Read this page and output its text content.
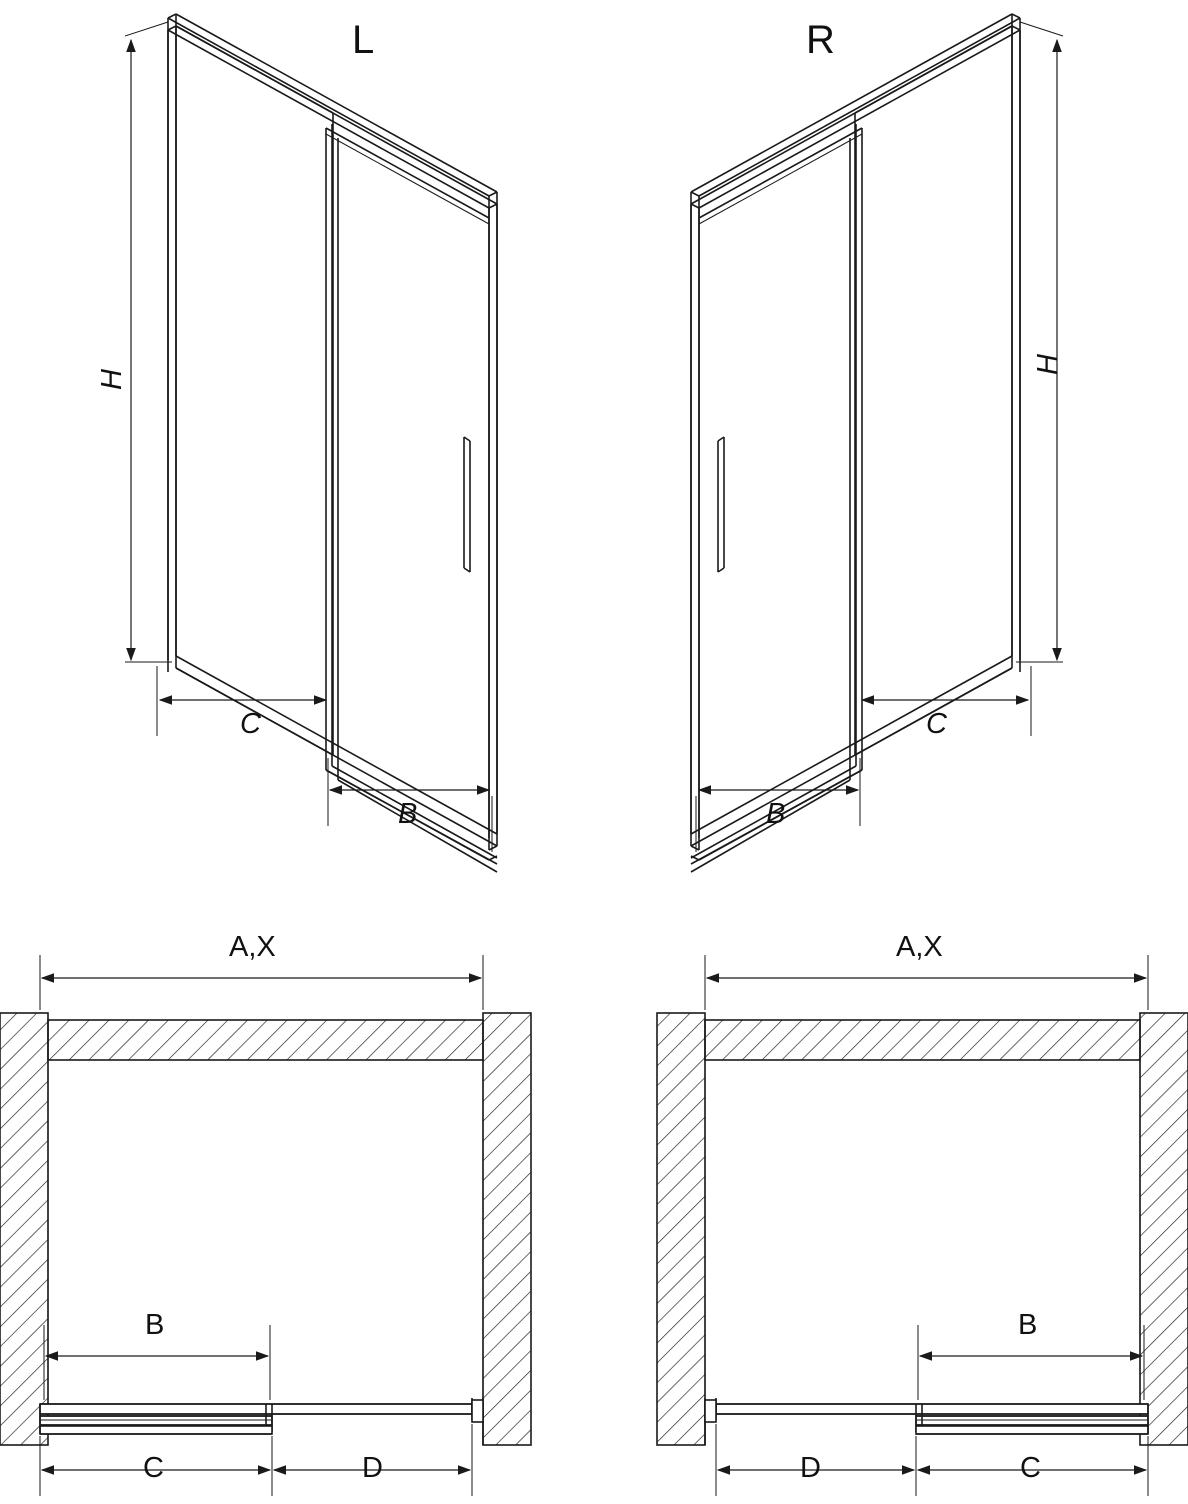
L	R
H
H
C
B
C
B
A,X	A,X
B	B
C	D	D	C
